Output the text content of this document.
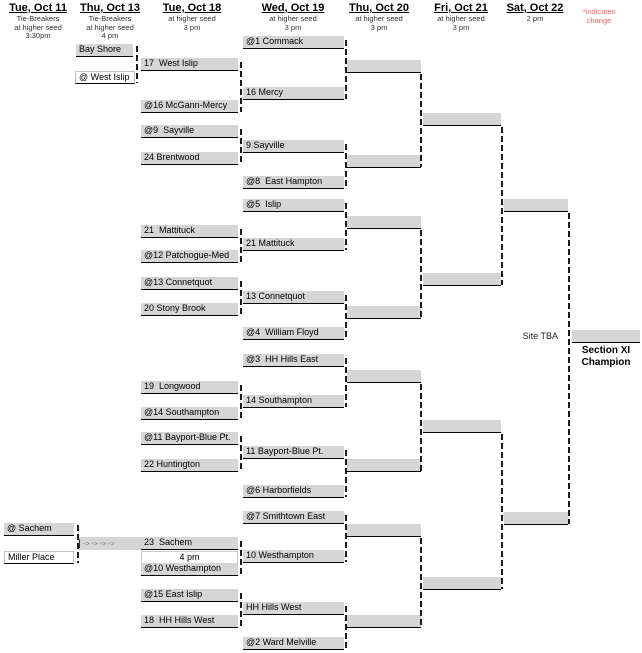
Tue, Oct 11
Tie-Breakers
at higher seed
3:30pm
Thu, Oct 13
Tie-Breakers
at higher seed
4 pm
Tue, Oct 18
at higher seed
3 pm
Wed, Oct 19
at higher seed
3 pm
Thu, Oct 20
at higher seed
3 pm
Fri, Oct 21
at higher seed
3 pm
Sat, Oct 22
2 pm
*indicates
change
Bay Shore
@ West Islip
@ Sachem
Miller Place
] -> -> -> ->
17  West Islip
@16 McGann-Mercy
@9  Sayville
24 Brentwood
21  Mattituck
@12 Patchogue-Med
@13 Connetquot
20 Stony Brook
19  Longwood
@14 Southampton
@11 Bayport-Blue Pt.
22 Huntington
23  Sachem
4 pm
@10 Westhampton
@15 East Islip
18  HH Hills West
@1 Commack
16 Mercy
9 Sayville
@8  East Hampton
@5  Islip
21 Mattituck
13 Connetquot
@4  William Floyd
@3  HH Hills East
14 Southampton
11 Bayport-Blue Pt.
@6 Harborfields
@7 Smithtown East
10 Westhampton
HH Hills West
@2 Ward Melville
Site TBA
Section XI
Champion
